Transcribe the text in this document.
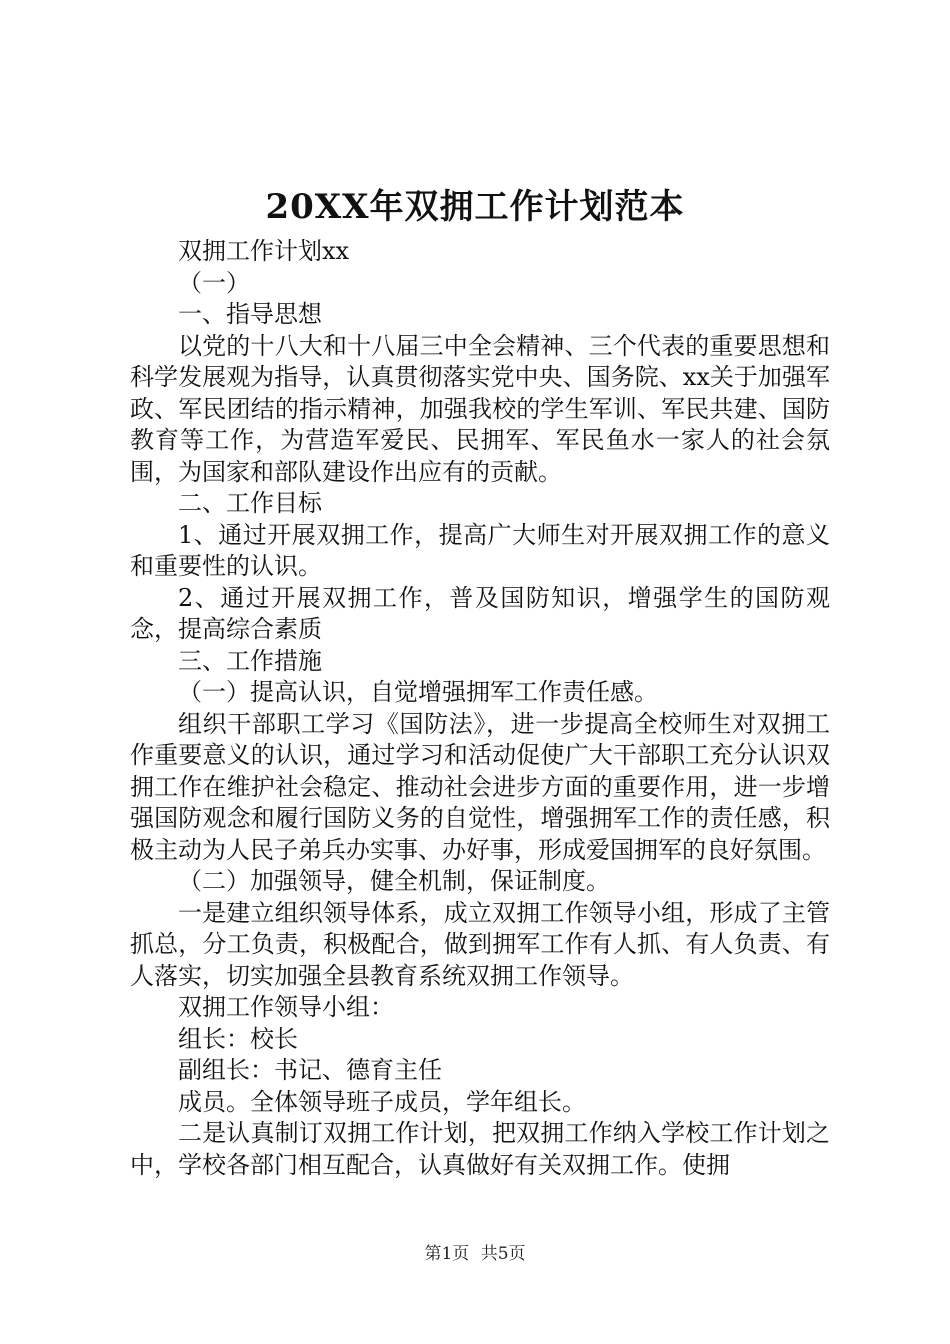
20XX年双拥工作计划范本

双拥工作计划xx

（一）

一、指导思想

以党的十八大和十八届三中全会精神、三个代表的重要思想和科学发展观为指导，认真贯彻落实党中央、国务院、xx关于加强军政、军民团结的指示精神，加强我校的学生军训、军民共建、国防教育等工作，为营造军爱民、民拥军、军民鱼水一家人的社会氛围，为国家和部队建设作出应有的贡献。

二、工作目标

1、通过开展双拥工作，提高广大师生对开展双拥工作的意义和重要性的认识。

2、通过开展双拥工作，普及国防知识，增强学生的国防观念，提高综合素质

三、工作措施

（一）提高认识，自觉增强拥军工作责任感。

组织干部职工学习《国防法》，进一步提高全校师生对双拥工作重要意义的认识，通过学习和活动促使广大干部职工充分认识双拥工作在维护社会稳定、推动社会进步方面的重要作用，进一步增强国防观念和履行国防义务的自觉性，增强拥军工作的责任感，积极主动为人民子弟兵办实事、办好事，形成爱国拥军的良好氛围。

（二）加强领导，健全机制，保证制度。

一是建立组织领导体系，成立双拥工作领导小组，形成了主管抓总，分工负责，积极配合，做到拥军工作有人抓、有人负责、有人落实，切实加强全县教育系统双拥工作领导。

双拥工作领导小组：

组长：校长

副组长：书记、德育主任

成员。全体领导班子成员，学年组长。

二是认真制订双拥工作计划，把双拥工作纳入学校工作计划之中，学校各部门相互配合，认真做好有关双拥工作。使拥

第1页 共5页
